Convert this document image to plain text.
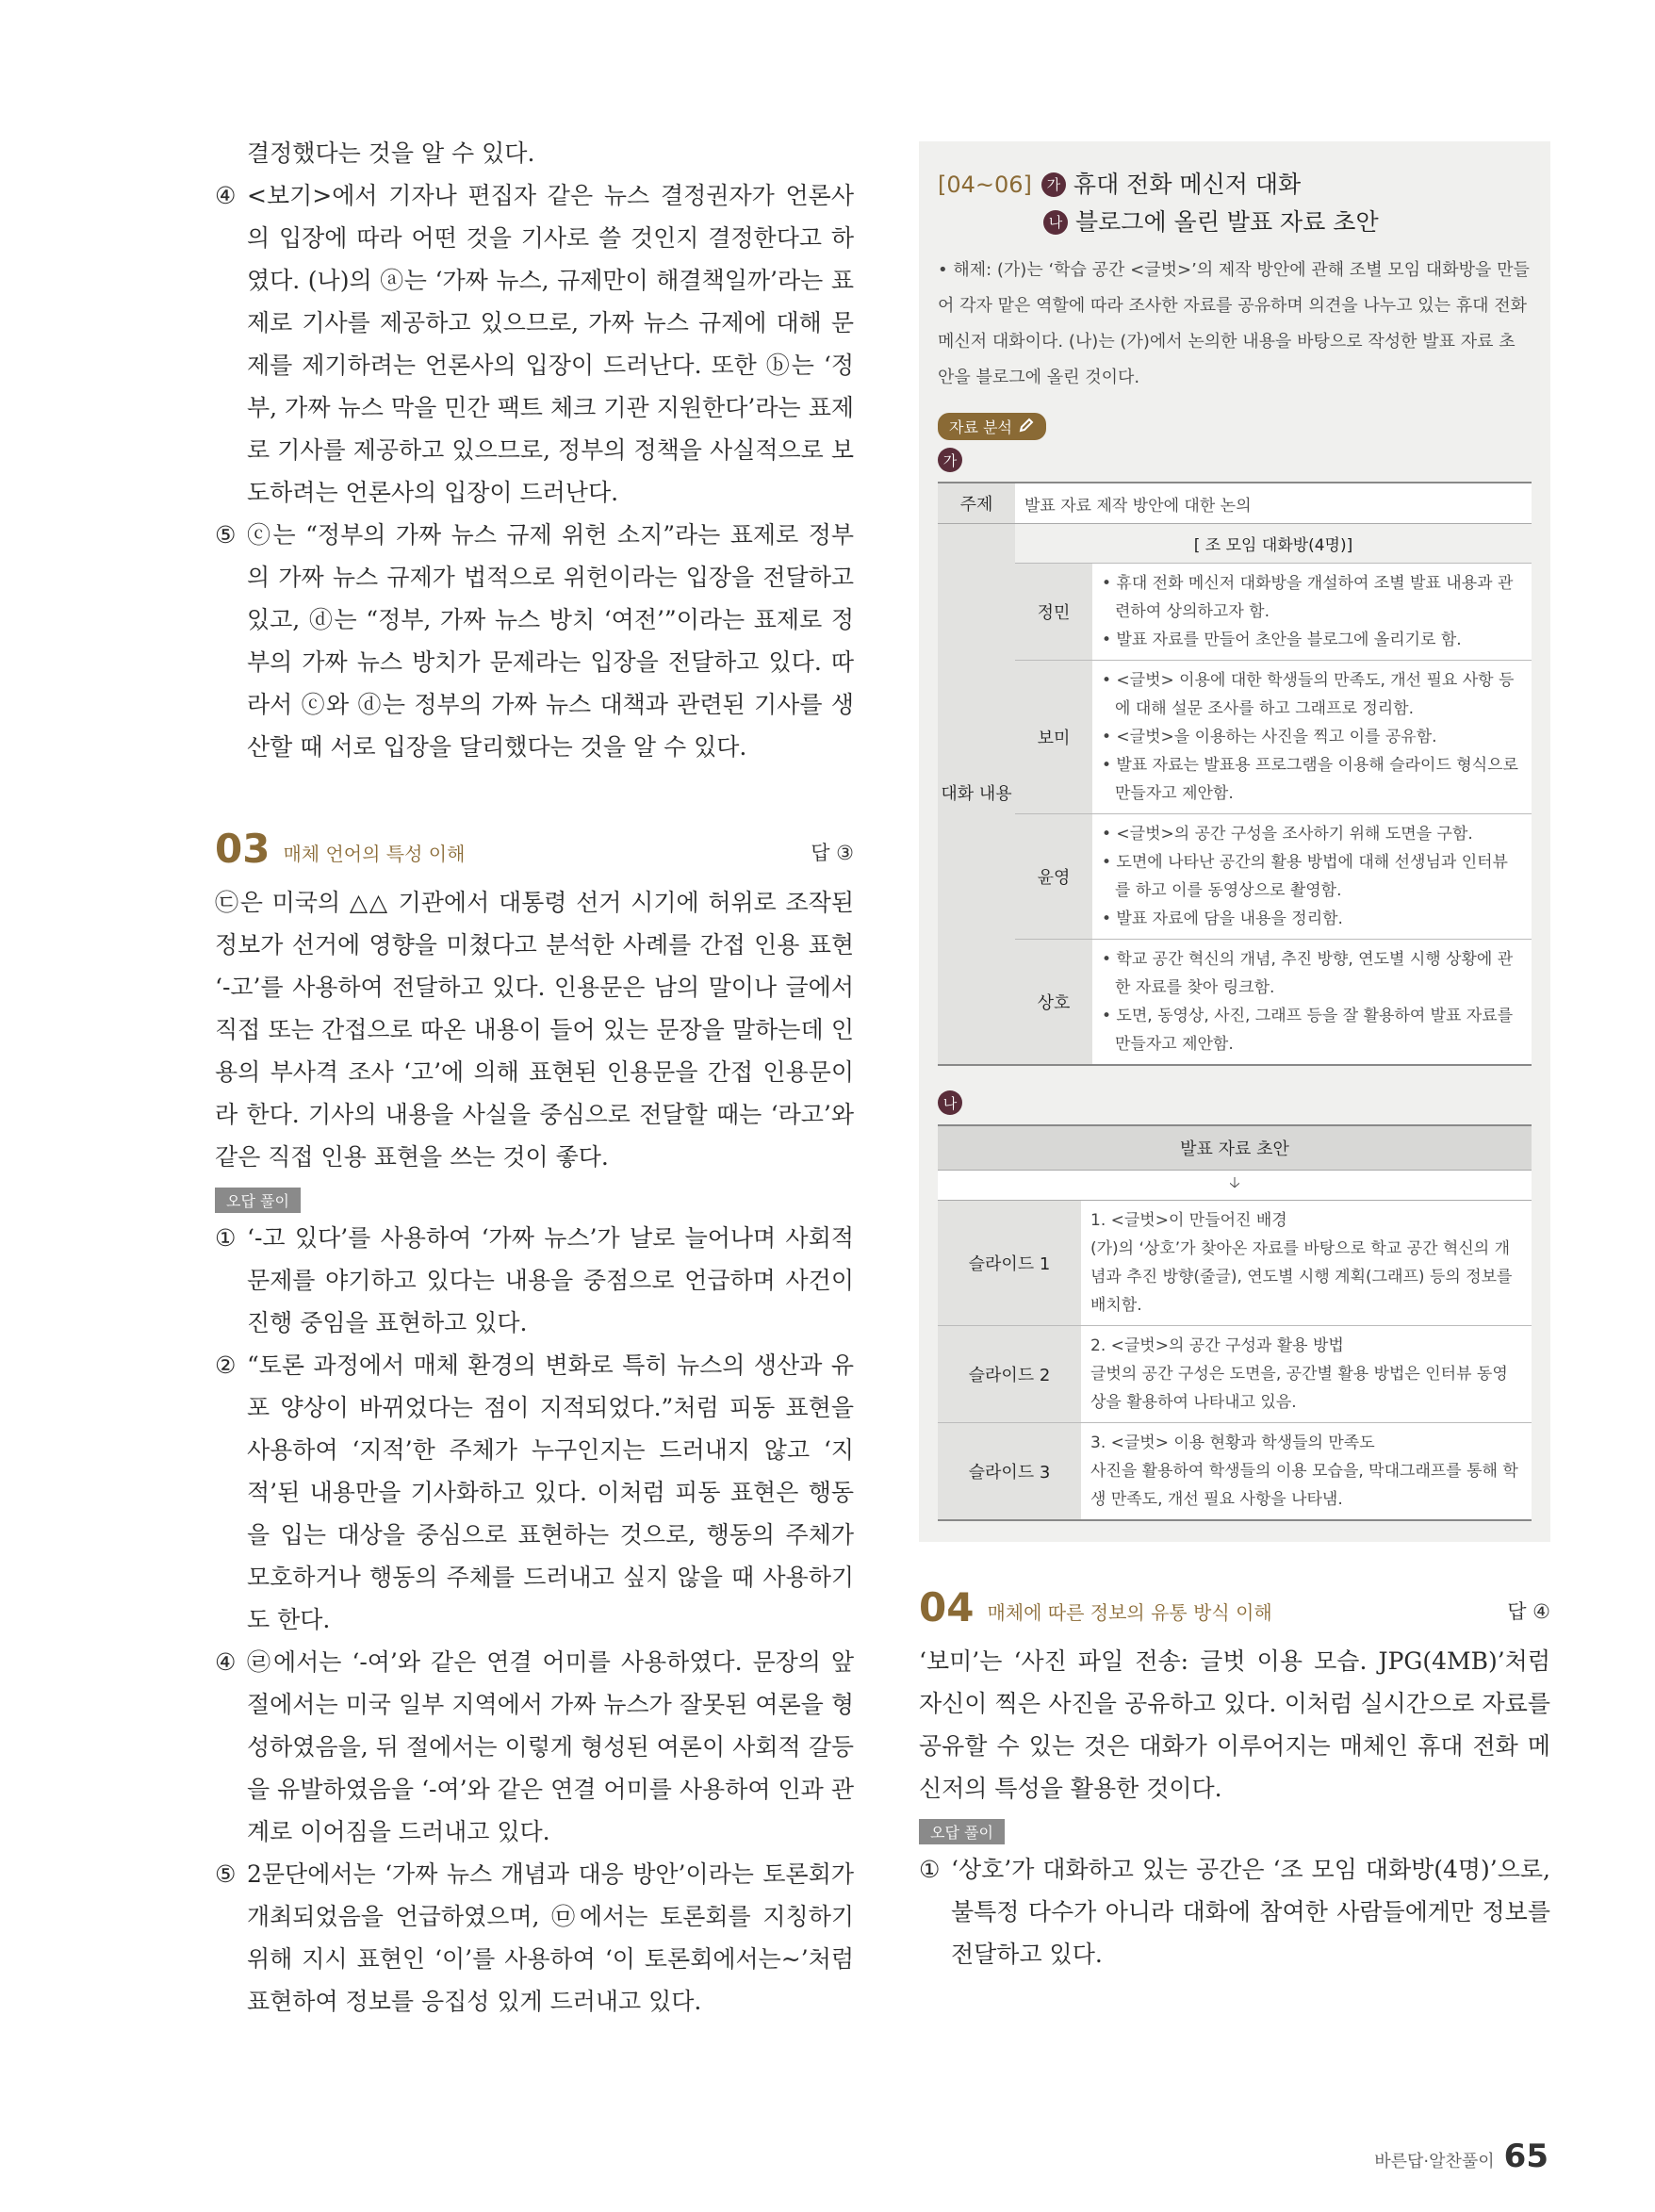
결정했다는 것을 알 수 있다.

④ <보기>에서 기자나 편집자 같은 뉴스 결정권자가 언론사의 입장에 따라 어떤 것을 기사로 쓸 것인지 결정한다고 하였다. (나)의 ⓐ는 ‘가짜 뉴스, 규제만이 해결책일까’라는 표제로 기사를 제공하고 있으므로, 가짜 뉴스 규제에 대해 문제를 제기하려는 언론사의 입장이 드러난다. 또한 ⓑ는 ‘정부, 가짜 뉴스 막을 민간 팩트 체크 기관 지원한다’라는 표제로 기사를 제공하고 있으므로, 정부의 정책을 사실적으로 보도하려는 언론사의 입장이 드러난다.
⑤ ⓒ는 “정부의 가짜 뉴스 규제 위헌 소지”라는 표제로 정부의 가짜 뉴스 규제가 법적으로 위헌이라는 입장을 전달하고 있고, ⓓ는 “정부, 가짜 뉴스 방치 ‘여전’”이라는 표제로 정부의 가짜 뉴스 방치가 문제라는 입장을 전달하고 있다. 따라서 ⓒ와 ⓓ는 정부의 가짜 뉴스 대책과 관련된 기사를 생산할 때 서로 입장을 달리했다는 것을 알 수 있다.
03 매체 언어의 특성 이해	답 ③

㉢은 미국의 △△ 기관에서 대통령 선거 시기에 허위로 조작된 정보가 선거에 영향을 미쳤다고 분석한 사례를 간접 인용 표현 ‘-고’를 사용하여 전달하고 있다. 인용문은 남의 말이나 글에서 직접 또는 간접으로 따온 내용이 들어 있는 문장을 말하는데 인용의 부사격 조사 ‘고’에 의해 표현된 인용문을 간접 인용문이라 한다. 기사의 내용을 사실을 중심으로 전달할 때는 ‘라고’와 같은 직접 인용 표현을 쓰는 것이 좋다.

오답 풀이
① ‘-고 있다’를 사용하여 ‘가짜 뉴스’가 날로 늘어나며 사회적 문제를 야기하고 있다는 내용을 중점으로 언급하며 사건이 진행 중임을 표현하고 있다.
② “토론 과정에서 매체 환경의 변화로 특히 뉴스의 생산과 유포 양상이 바뀌었다는 점이 지적되었다.”처럼 피동 표현을 사용하여 ‘지적’한 주체가 누구인지는 드러내지 않고 ‘지적’된 내용만을 기사화하고 있다. 이처럼 피동 표현은 행동을 입는 대상을 중심으로 표현하는 것으로, 행동의 주체가 모호하거나 행동의 주체를 드러내고 싶지 않을 때 사용하기도 한다.
④ ㉣에서는 ‘-여’와 같은 연결 어미를 사용하였다. 문장의 앞 절에서는 미국 일부 지역에서 가짜 뉴스가 잘못된 여론을 형성하였음을, 뒤 절에서는 이렇게 형성된 여론이 사회적 갈등을 유발하였음을 ‘-여’와 같은 연결 어미를 사용하여 인과 관계로 이어짐을 드러내고 있다.
⑤ 2문단에서는 ‘가짜 뉴스 개념과 대응 방안’이라는 토론회가 개최되었음을 언급하였으며, ㉤에서는 토론회를 지칭하기 위해 지시 표현인 ‘이’를 사용하여 ‘이 토론회에서는~’처럼 표현하여 정보를 응집성 있게 드러내고 있다.
[04~06]	가 휴대 전화 메신저 대화
나 블로그에 올린 발표 자료 초안
• 해제: (가)는 ‘학습 공간 <글벗>’의 제작 방안에 관해 조별 모임 대화방을 만들어 각자 맡은 역할에 따라 조사한 자료를 공유하며 의견을 나누고 있는 휴대 전화 메신저 대화이다. (나)는 (가)에서 논의한 내용을 바탕으로 작성한 발표 자료 초안을 블로그에 올린 것이다.
자료 분석
가
주제	발표 자료 제작 방안에 대한 논의	
대화 내용	[ 조 모임 대화방(4명)]	
	정민	• 휴대 전화 메신저 대화방을 개설하여 조별 발표 내용과 관련하여 상의하고자 함.
• 발표 자료를 만들어 초안을 블로그에 올리기로 함.

	보미	• <글벗> 이용에 대한 학생들의 만족도, 개선 필요 사항 등에 대해 설문 조사를 하고 그래프로 정리함.
• <글벗>을 이용하는 사진을 찍고 이를 공유함.
• 발표 자료는 발표용 프로그램을 이용해 슬라이드 형식으로 만들자고 제안함.

	윤영	• <글벗>의 공간 구성을 조사하기 위해 도면을 구함.
• 도면에 나타난 공간의 활용 방법에 대해 선생님과 인터뷰를 하고 이를 동영상으로 촬영함.
• 발표 자료에 담을 내용을 정리함.

	상호	• 학교 공간 혁신의 개념, 추진 방향, 연도별 시행 상황에 관한 자료를 찾아 링크함.
• 도면, 동영상, 사진, 그래프 등을 잘 활용하여 발표 자료를 만들자고 제안함.
나
발표 자료 초안	
🡣	
슬라이드 1	1. <글벗>이 만들어진 배경
(가)의 ‘상호’가 찾아온 자료를 바탕으로 학교 공간 혁신의 개념과 추진 방향(줄글), 연도별 시행 계획(그래프) 등의 정보를 배치함.
슬라이드 2	2. <글벗>의 공간 구성과 활용 방법
글벗의 공간 구성은 도면을, 공간별 활용 방법은 인터뷰 동영상을 활용하여 나타내고 있음.
슬라이드 3	3. <글벗> 이용 현황과 학생들의 만족도
사진을 활용하여 학생들의 이용 모습을, 막대그래프를 통해 학생 만족도, 개선 필요 사항을 나타냄.
04 매체에 따른 정보의 유통 방식 이해	답 ④

‘보미’는 ‘사진 파일 전송: 글벗 이용 모습. JPG(4MB)’처럼 자신이 찍은 사진을 공유하고 있다. 이처럼 실시간으로 자료를 공유할 수 있는 것은 대화가 이루어지는 매체인 휴대 전화 메신저의 특성을 활용한 것이다.

오답 풀이
① ‘상호’가 대화하고 있는 공간은 ‘조 모임 대화방(4명)’으로, 불특정 다수가 아니라 대화에 참여한 사람들에게만 정보를 전달하고 있다.
바른답·알찬풀이 65
